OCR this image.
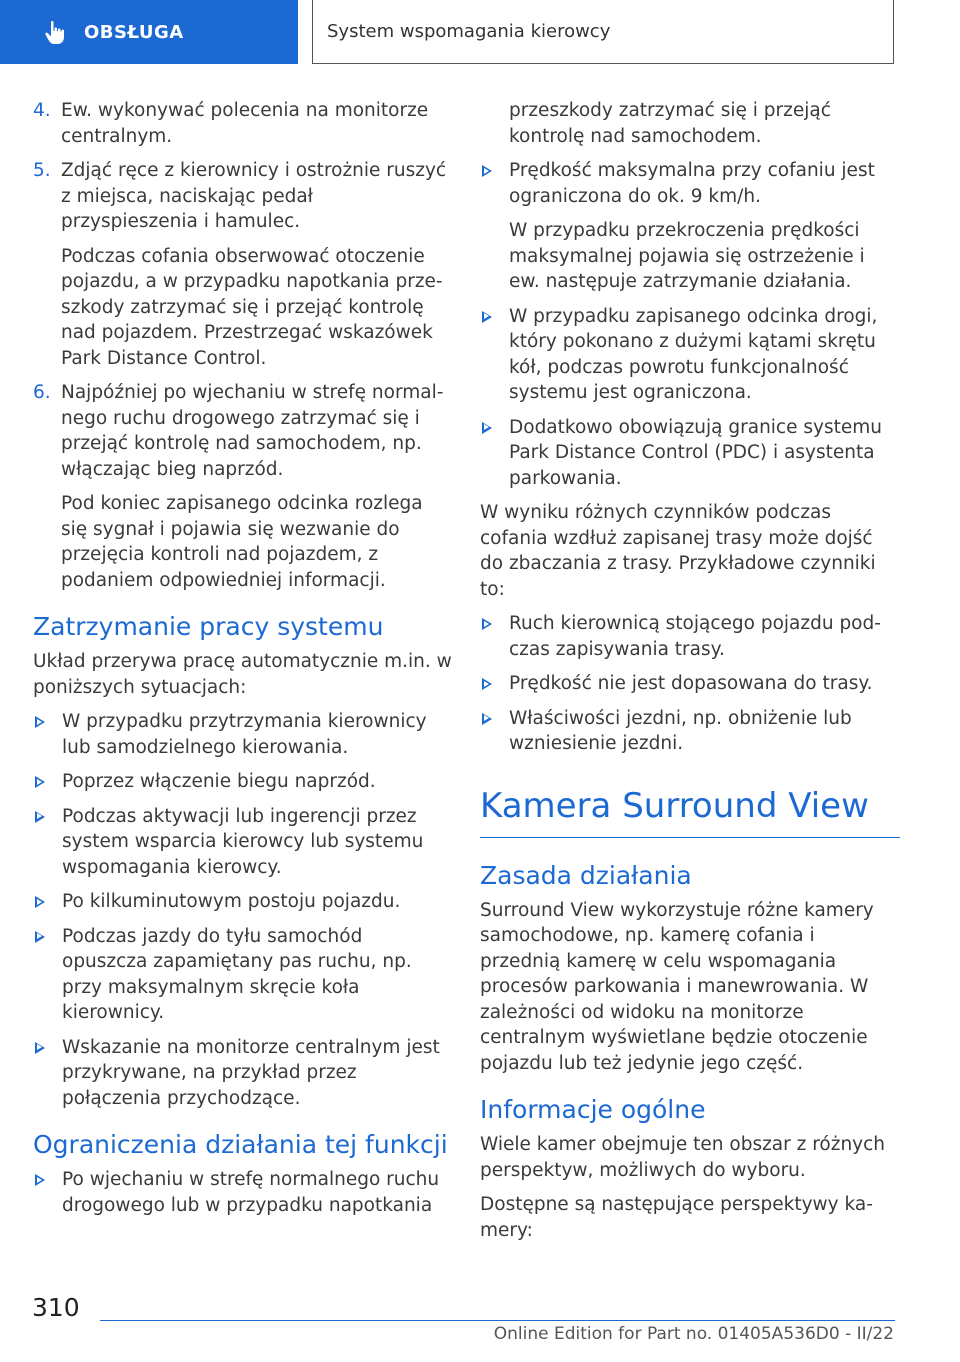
OBSŁUGA	System wspomagania kierowcy
4. Ew. wykonywać polecenia na monitorze centralnym.
5. Zdjąć ręce z kierownicy i ostrożnie ruszyć z miejsca, naciskając pedał przyspieszenia i hamulec.
Podczas cofania obserwować otoczenie pojazdu, a w przypadku napotkania przeszkody zatrzymać się i przejąć kontrolę nad pojazdem. Przestrzegać wskazówek Park Distance Control.
6. Najpóźniej po wjechaniu w strefę normalnego ruchu drogowego zatrzymać się i przejąć kontrolę nad samochodem, np. włączając bieg naprzód.
Pod koniec zapisanego odcinka rozlega się sygnał i pojawia się wezwanie do przejęcia kontroli nad pojazdem, z podaniem odpowiedniej informacji.
Zatrzymanie pracy systemu
Układ przerywa pracę automatycznie m.in. w poniższych sytuacjach:
W przypadku przytrzymania kierownicy lub samodzielnego kierowania.
Poprzez włączenie biegu naprzód.
Podczas aktywacji lub ingerencji przez system wsparcia kierowcy lub systemu wspomagania kierowcy.
Po kilkuminutowym postoju pojazdu.
Podczas jazdy do tyłu samochód opuszcza zapamiętany pas ruchu, np. przy maksymalnym skręcie koła kierownicy.
Wskazanie na monitorze centralnym jest przykrywane, na przykład przez połączenia przychodzące.
Ograniczenia działania tej funkcji
Po wjechaniu w strefę normalnego ruchu drogowego lub w przypadku napotkania
przeszkody zatrzymać się i przejąć kontrolę nad samochodem.
Prędkość maksymalna przy cofaniu jest ograniczona do ok. 9 km/h.
W przypadku przekroczenia prędkości maksymalnej pojawia się ostrzeżenie i ew. następuje zatrzymanie działania.
W przypadku zapisanego odcinka drogi, który pokonano z dużymi kątami skrętu kół, podczas powrotu funkcjonalność systemu jest ograniczona.
Dodatkowo obowiązują granice systemu Park Distance Control (PDC) i asystenta parkowania.
W wyniku różnych czynników podczas cofania wzdłuż zapisanej trasy może dojść do zbaczania z trasy. Przykładowe czynniki to:
Ruch kierownicą stojącego pojazdu podczas zapisywania trasy.
Prędkość nie jest dopasowana do trasy.
Właściwości jezdni, np. obniżenie lub wzniesienie jezdni.
Kamera Surround View
Zasada działania
Surround View wykorzystuje różne kamery samochodowe, np. kamerę cofania i przednią kamerę w celu wspomagania procesów parkowania i manewrowania. W zależności od widoku na monitorze centralnym wyświetlane będzie otoczenie pojazdu lub też jedynie jego część.
Informacje ogólne
Wiele kamer obejmuje ten obszar z różnych perspektyw, możliwych do wyboru.
Dostępne są następujące perspektywy kamery:
310
Online Edition for Part no. 01405A536D0 - II/22
